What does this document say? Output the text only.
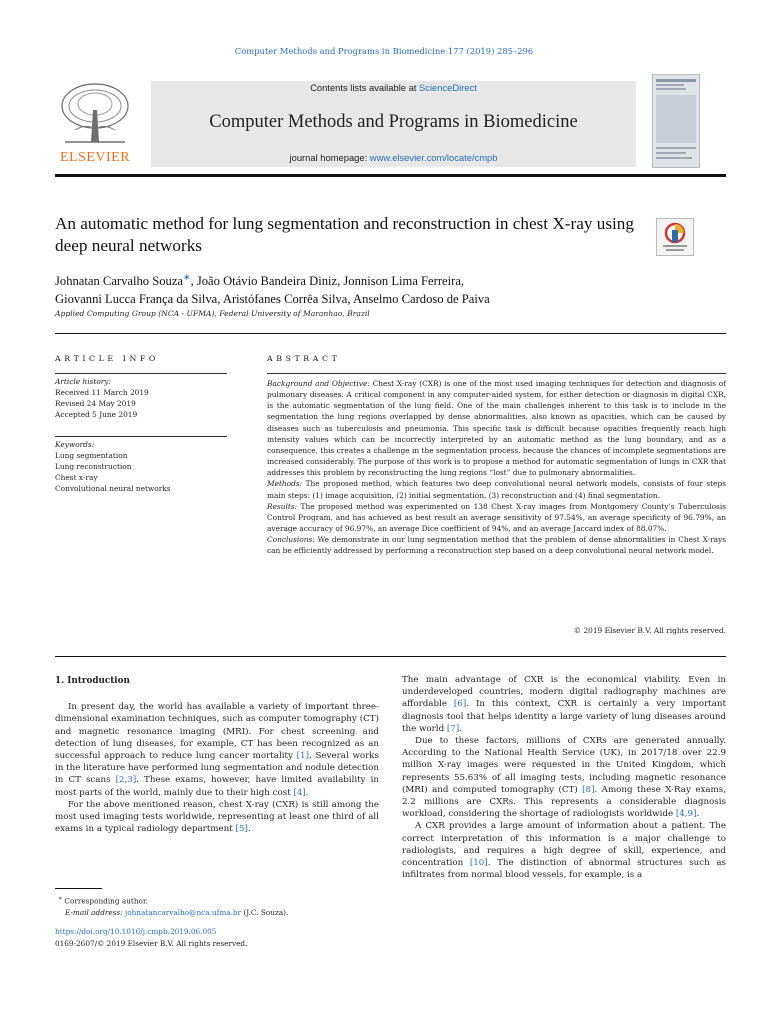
Computer Methods and Programs in Biomedicine 177 (2019) 285–296
ELSEVIER
Contents lists available at ScienceDirect
Computer Methods and Programs in Biomedicine
journal homepage: www.elsevier.com/locate/cmpb
An automatic method for lung segmentation and reconstruction in chest X-ray using deep neural networks
Johnatan Carvalho Souza∗, João Otávio Bandeira Diniz, Jonnison Lima Ferreira,
Giovanni Lucca França da Silva, Aristófanes Corrêa Silva, Anselmo Cardoso de Paiva
Applied Computing Group (NCA - UFMA), Federal University of Maranhao, Brazil
ARTICLE INFO	ABSTRACT
Article history:
Received 11 March 2019
Revised 24 May 2019
Accepted 5 June 2019
Keywords:
Lung segmentation
Lung reconstruction
Chest x-ray
Convolutional neural networks

Background and Objective: Chest X-ray (CXR) is one of the most used imaging techniques for detection and diagnosis of pulmonary diseases. A critical component in any computer-aided system, for either detection or diagnosis in digital CXR, is the automatic segmentation of the lung field. One of the main challenges inherent to this task is to include in the segmentation the lung regions overlapped by dense abnormalities, also known as opacities, which can be caused by diseases such as tuberculosis and pneumonia. This specific task is difficult because opacities frequently reach high intensity values which can be incorrectly interpreted by an automatic method as the lung boundary, and as a consequence, this creates a challenge in the segmentation process, because the chances of incomplete segmentations are increased considerably. The purpose of this work is to propose a method for automatic segmentation of lungs in CXR that addresses this problem by reconstructing the lung regions “lost” due to pulmonary abnormalities.

Methods: The proposed method, which features two deep convolutional neural network models, consists of four steps main steps: (1) image acquisition, (2) initial segmentation, (3) reconstruction and (4) final segmentation.

Results: The proposed method was experimented on 138 Chest X-ray images from Montgomery County’s Tuberculosis Control Program, and has achieved as best result an average sensitivity of 97.54%, an average specificity of 96.79%, an average accuracy of 96.97%, an average Dice coefficient of 94%, and an average Jaccard index of 88.07%.

Conclusions: We demonstrate in our lung segmentation method that the problem of dense abnormalities in Chest X-rays can be efficiently addressed by performing a reconstruction step based on a deep convolutional neural network model.

© 2019 Elsevier B.V. All rights reserved.

1. Introduction

In present day, the world has available a variety of important three-dimensional examination techniques, such as computer tomography (CT) and magnetic resonance imaging (MRI). For chest screening and detection of lung diseases, for example, CT has been recognized as an successful approach to reduce lung cancer mortality [1]. Several works in the literature have performed lung segmentation and nodule detection in CT scans [2,3]. These exams, however, have limited availability in most parts of the world, mainly due to their high cost [4].

For the above mentioned reason, chest X-ray (CXR) is still among the most used imaging tests worldwide, representing at least one third of all exams in a typical radiology department [5].

∗ Corresponding author.
E-mail address: johnatancarvalho@nca.ufma.br (J.C. Souza).
https://doi.org/10.1016/j.cmpb.2019.06.005
0169-2607/© 2019 Elsevier B.V. All rights reserved.

The main advantage of CXR is the economical viability. Even in underdeveloped countries, modern digital radiography machines are affordable [6]. In this context, CXR is certainly a very important diagnosis tool that helps identity a large variety of lung diseases around the world [7].

Due to these factors, millions of CXRs are generated annually. According to the National Health Service (UK), in 2017/18 over 22.9 million X-ray images were requested in the United Kingdom, which represents 55.63% of all imaging tests, including magnetic resonance (MRI) and computed tomography (CT) [8]. Among these X-Ray exams, 2.2 millions are CXRs. This represents a considerable diagnosis workload, considering the shortage of radiologists worldwide [4,9].

A CXR provides a large amount of information about a patient. The correct interpretation of this information is a major challenge to radiologists, and requires a high degree of skill, experience, and concentration [10]. The distinction of abnormal structures such as infiltrates from normal blood vessels, for example, is a
